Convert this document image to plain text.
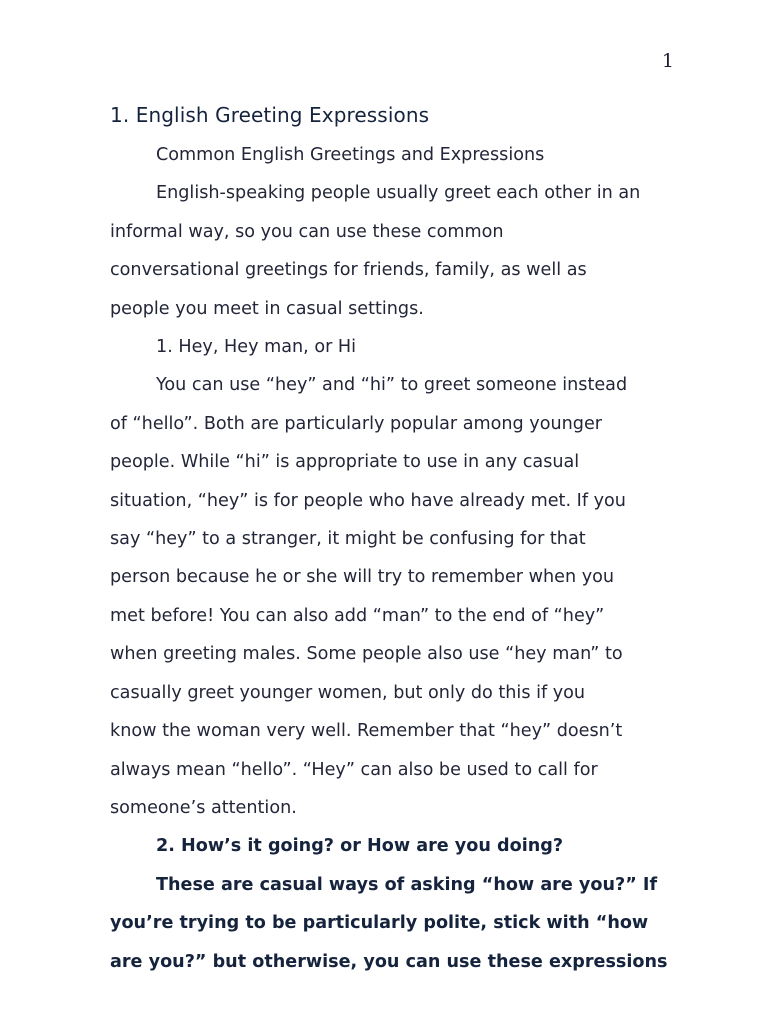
1
1. English Greeting Expressions

Common English Greetings and Expressions

English-speaking people usually greet each other in an
informal way, so you can use these common
conversational greetings for friends, family, as well as
people you meet in casual settings.

1. Hey, Hey man, or Hi

You can use “hey” and “hi” to greet someone instead
of “hello”. Both are particularly popular among younger
people. While “hi” is appropriate to use in any casual
situation, “hey” is for people who have already met. If you
say “hey” to a stranger, it might be confusing for that
person because he or she will try to remember when you
met before! You can also add “man” to the end of “hey”
when greeting males. Some people also use “hey man” to
casually greet younger women, but only do this if you
know the woman very well. Remember that “hey” doesn’t
always mean “hello”. “Hey” can also be used to call for
someone’s attention.

2. How’s it going? or How are you doing?

These are casual ways of asking “how are you?” If
you’re trying to be particularly polite, stick with “how
are you?” but otherwise, you can use these expressions
